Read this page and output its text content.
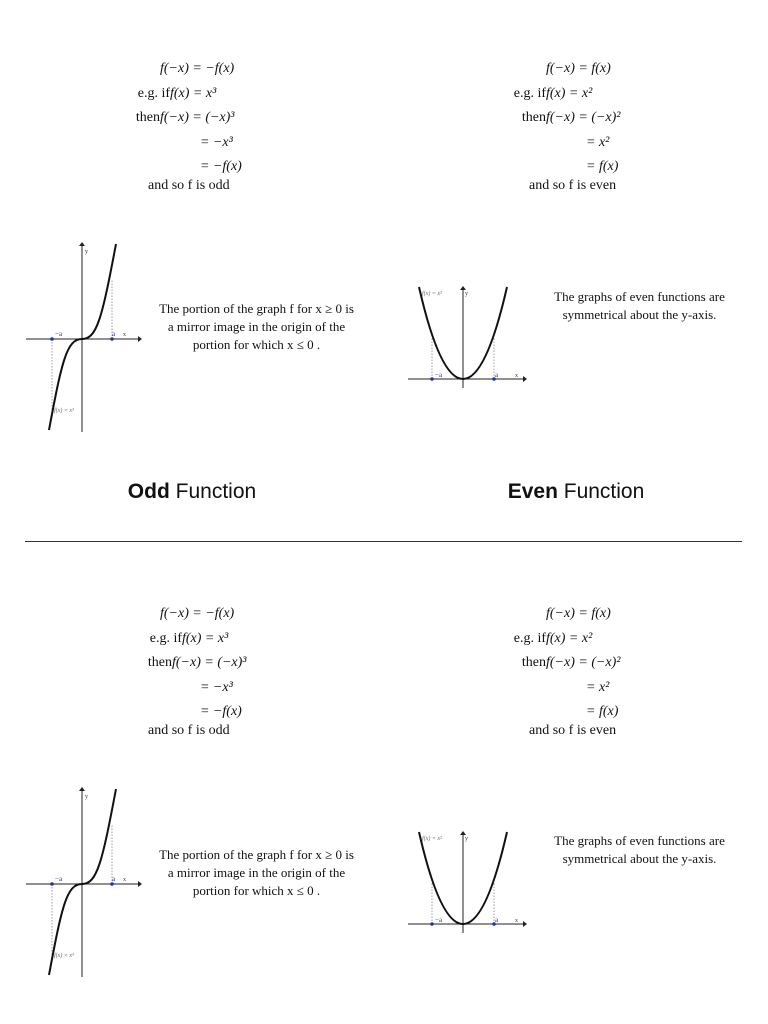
f(−x) = −f(x)
e.g. if f(x) = x³
then f(−x) = (−x)³
= −x³
= −f(x)
and so f is odd
f(−x) = f(x)
e.g. if f(x) = x²
then f(−x) = (−x)²
= x²
= f(x)
and so f is even
−a	a x
y
f(x) = x³
The portion of the graph f for x ≥ 0 is a mirror image in the origin of the portion for which x ≤ 0 .
−a	a	x
y
f(x) = x²	The graphs of even functions are symmetrical about the y-axis.
Odd Function	Even Function
f(−x) = −f(x)
e.g. if f(x) = x³
then f(−x) = (−x)³
= −x³
= −f(x)
and so f is odd
f(−x) = f(x)
e.g. if f(x) = x²
then f(−x) = (−x)²
= x²
= f(x)
and so f is even
−a	a x
y
f(x) = x³
The portion of the graph f for x ≥ 0 is a mirror image in the origin of the portion for which x ≤ 0 .
−a	a	x
y
f(x) = x²	The graphs of even functions are symmetrical about the y-axis.
